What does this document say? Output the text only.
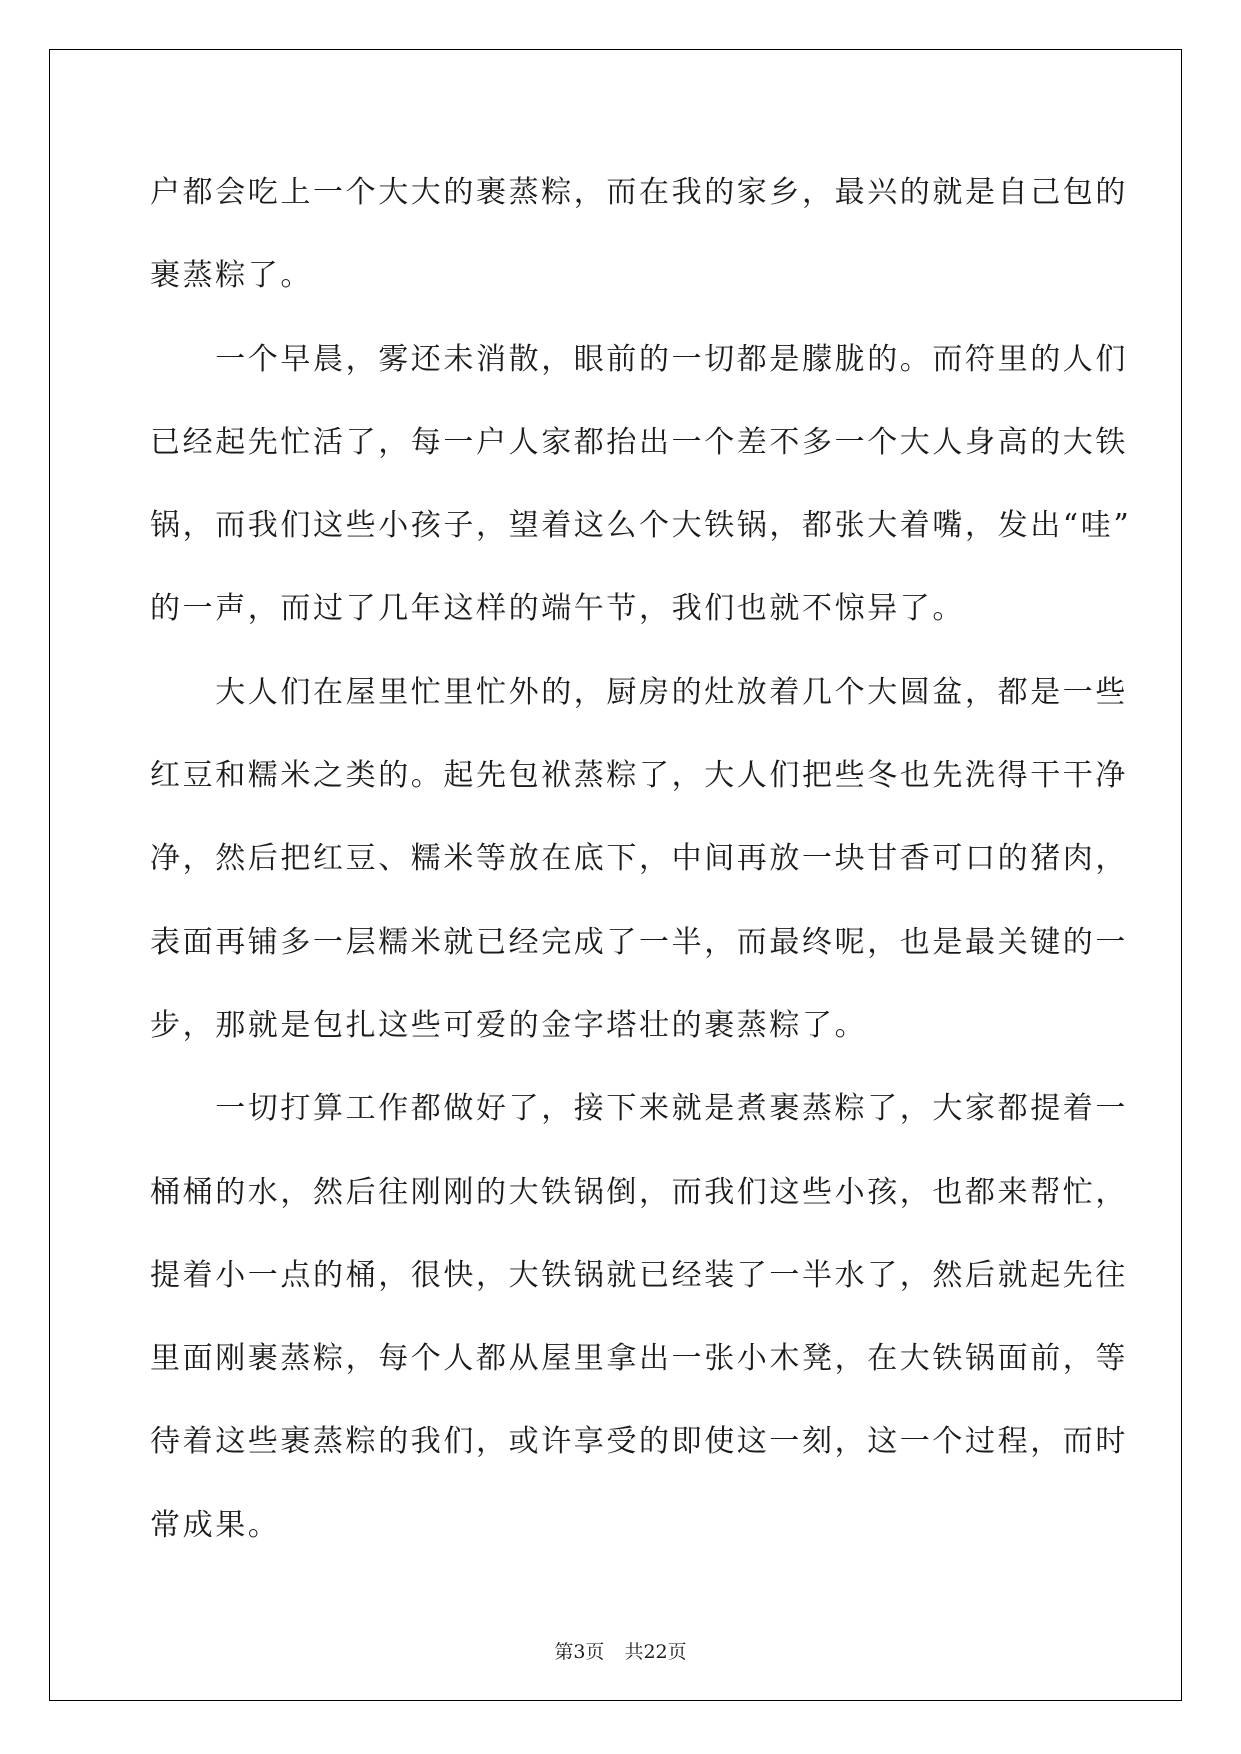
户都会吃上一个大大的裹蒸粽，而在我的家乡，最兴的就是自己包的
裹蒸粽了。
　　一个早晨，雾还未消散，眼前的一切都是朦胧的。而符里的人们
已经起先忙活了，每一户人家都抬出一个差不多一个大人身高的大铁
锅，而我们这些小孩子，望着这么个大铁锅，都张大着嘴，发出“哇”
的一声，而过了几年这样的端午节，我们也就不惊异了。
　　大人们在屋里忙里忙外的，厨房的灶放着几个大圆盆，都是一些
红豆和糯米之类的。起先包袱蒸粽了，大人们把些冬也先洗得干干净
净，然后把红豆、糯米等放在底下，中间再放一块甘香可口的猪肉，
表面再铺多一层糯米就已经完成了一半，而最终呢，也是最关键的一
步，那就是包扎这些可爱的金字塔壮的裹蒸粽了。
　　一切打算工作都做好了，接下来就是煮裹蒸粽了，大家都提着一
桶桶的水，然后往刚刚的大铁锅倒，而我们这些小孩，也都来帮忙，
提着小一点的桶，很快，大铁锅就已经装了一半水了，然后就起先往
里面刚裹蒸粽，每个人都从屋里拿出一张小木凳，在大铁锅面前，等
待着这些裹蒸粽的我们，或许享受的即使这一刻，这一个过程，而时
常成果。
第3页 共22页
